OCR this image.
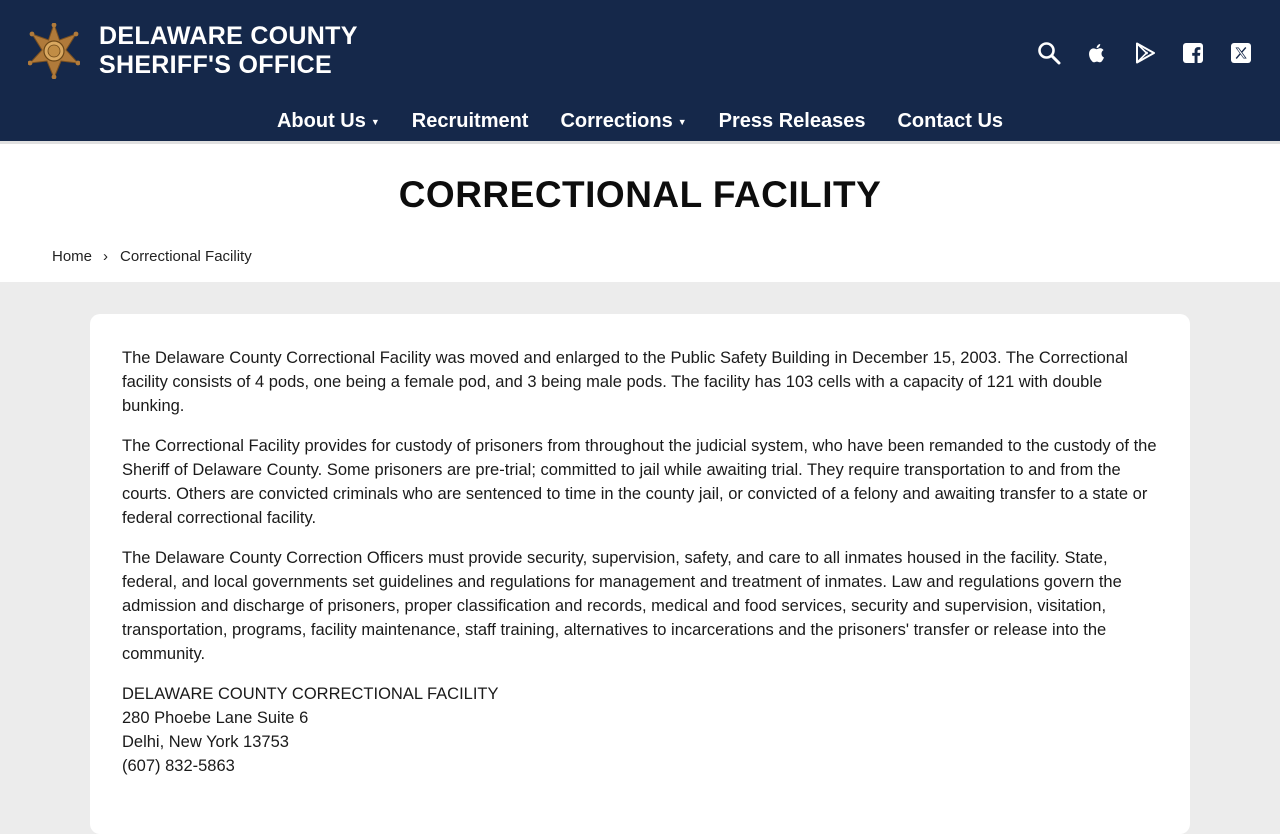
DELAWARE COUNTY
SHERIFF'S OFFICE
About Us ▼ Recruitment Corrections ▼ Press Releases Contact Us
CORRECTIONAL FACILITY
Home › Correctional Facility

The Delaware County Correctional Facility was moved and enlarged to the Public Safety Building in December 15, 2003. The Correctional facility consists of 4 pods, one being a female pod, and 3 being male pods. The facility has 103 cells with a capacity of 121 with double bunking.

The Correctional Facility provides for custody of prisoners from throughout the judicial system, who have been remanded to the custody of the Sheriff of Delaware County. Some prisoners are pre-trial; committed to jail while awaiting trial. They require transportation to and from the courts. Others are convicted criminals who are sentenced to time in the county jail, or convicted of a felony and awaiting transfer to a state or federal correctional facility.

The Delaware County Correction Officers must provide security, supervision, safety, and care to all inmates housed in the facility. State, federal, and local governments set guidelines and regulations for management and treatment of inmates. Law and regulations govern the admission and discharge of prisoners, proper classification and records, medical and food services, security and supervision, visitation, transportation, programs, facility maintenance, staff training, alternatives to incarcerations and the prisoners' transfer or release into the community.

DELAWARE COUNTY CORRECTIONAL FACILITY
280 Phoebe Lane Suite 6
Delhi, New York 13753
(607) 832-5863
